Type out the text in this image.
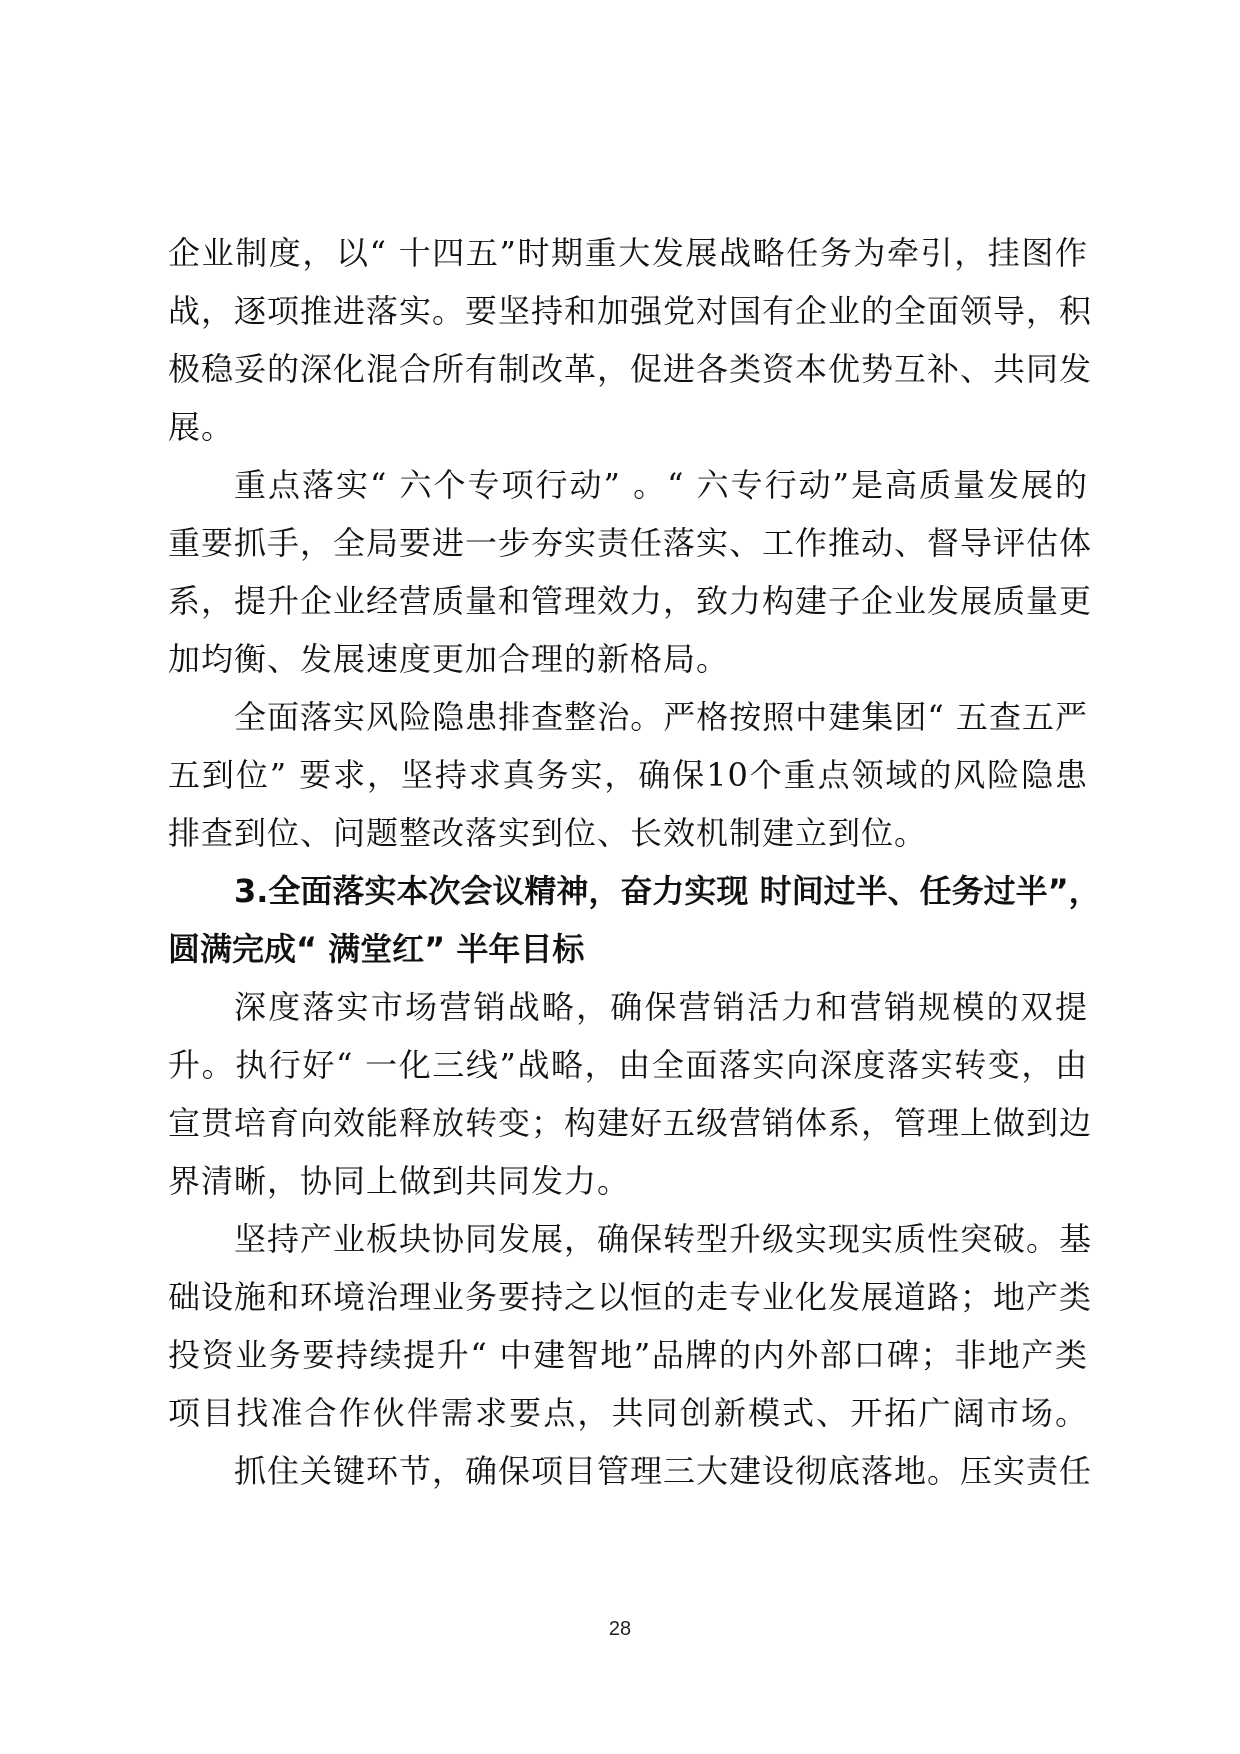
企业制度，以“ 十四五”时期重大发展战略任务为牵引，挂图作
战，逐项推进落实。要坚持和加强党对国有企业的全面领导，积
极稳妥的深化混合所有制改革，促进各类资本优势互补、共同发
展。
重点落实“ 六个专项行动” 。“ 六专行动”是高质量发展的
重要抓手，全局要进一步夯实责任落实、工作推动、督导评估体
系，提升企业经营质量和管理效力，致力构建子企业发展质量更
加均衡、发展速度更加合理的新格局。
全面落实风险隐患排查整治。严格按照中建集团“ 五查五严
五到位” 要求，坚持求真务实，确保10个重点领域的风险隐患
排查到位、问题整改落实到位、长效机制建立到位。
3.全面落实本次会议精神，奋力实现 时间过半、任务过半”，
圆满完成“ 满堂红” 半年目标
深度落实市场营销战略，确保营销活力和营销规模的双提
升。执行好“ 一化三线”战略，由全面落实向深度落实转变，由
宣贯培育向效能释放转变；构建好五级营销体系，管理上做到边
界清晰，协同上做到共同发力。
坚持产业板块协同发展，确保转型升级实现实质性突破。基
础设施和环境治理业务要持之以恒的走专业化发展道路；地产类
投资业务要持续提升“ 中建智地”品牌的内外部口碑；非地产类
项目找准合作伙伴需求要点，共同创新模式、开拓广阔市场。
抓住关键环节，确保项目管理三大建设彻底落地。压实责任
28
